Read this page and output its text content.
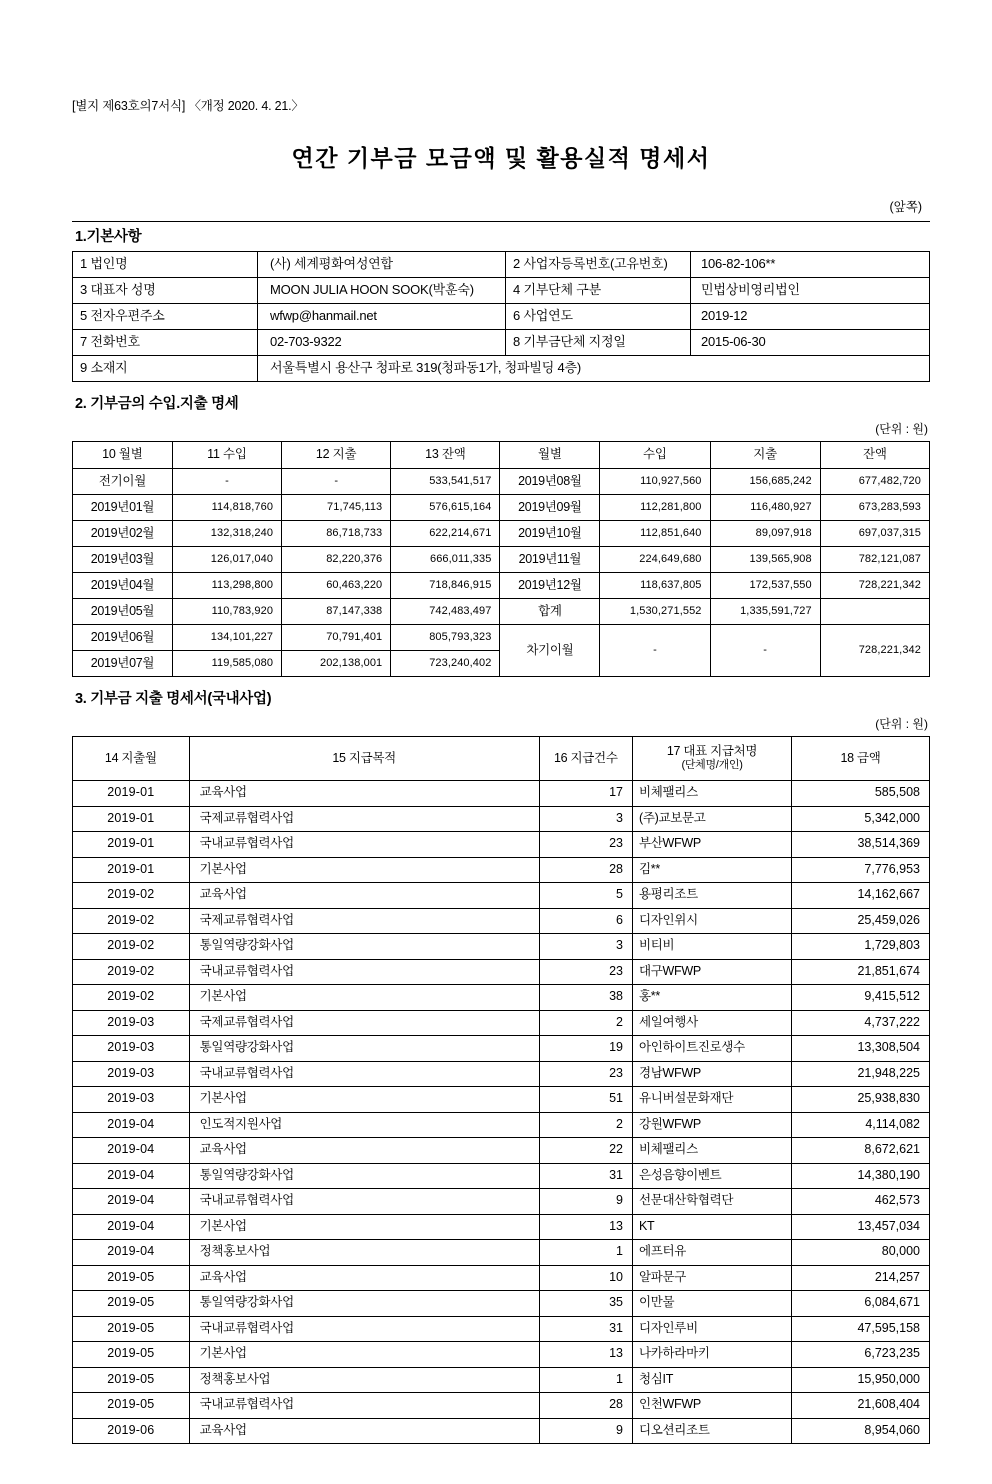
[별지 제63호의7서식] 〈개정 2020. 4. 21.〉
연간 기부금 모금액 및 활용실적 명세서
(앞쪽)
1.기본사항
1 법인명	(사) 세계평화여성연합	2 사업자등록번호(고유번호)	106-82-106**
3 대표자 성명	MOON JULIA HOON SOOK(박훈숙)	4 기부단체 구분	민법상비영리법인
5 전자우편주소	wfwp@hanmail.net	6 사업연도	2019-12
7 전화번호	02-703-9322	8 기부금단체 지정일	2015-06-30
9 소재지	서울특별시 용산구 청파로 319(청파동1가, 청파빌딩 4층)		
2. 기부금의 수입.지출 명세
(단위 : 원)
10 월별	11 수입	12 지출	13 잔액	월별	수입	지출	잔액
전기이월	-	-	533,541,517	2019년08월	110,927,560	156,685,242	677,482,720
2019년01월	114,818,760	71,745,113	576,615,164	2019년09월	112,281,800	116,480,927	673,283,593
2019년02월	132,318,240	86,718,733	622,214,671	2019년10월	112,851,640	89,097,918	697,037,315
2019년03월	126,017,040	82,220,376	666,011,335	2019년11월	224,649,680	139,565,908	782,121,087
2019년04월	113,298,800	60,463,220	718,846,915	2019년12월	118,637,805	172,537,550	728,221,342
2019년05월	110,783,920	87,147,338	742,483,497	합계	1,530,271,552	1,335,591,727	
2019년06월	134,101,227	70,791,401	805,793,323	차기이월	-	-	728,221,342
2019년07월	119,585,080	202,138,001	723,240,402				
3. 기부금 지출 명세서(국내사업)
(단위 : 원)
14 지출월	15 지급목적	16 지급건수	17 대표 지급처명
(단체명/개인)	18 금액
2019-01	교육사업	17	비체팰리스	585,508
2019-01	국제교류협력사업	3	(주)교보문고	5,342,000
2019-01	국내교류협력사업	23	부산WFWP	38,514,369
2019-01	기본사업	28	김**	7,776,953
2019-02	교육사업	5	용평리조트	14,162,667
2019-02	국제교류협력사업	6	디자인위시	25,459,026
2019-02	통일역량강화사업	3	비티비	1,729,803
2019-02	국내교류협력사업	23	대구WFWP	21,851,674
2019-02	기본사업	38	홍**	9,415,512
2019-03	국제교류협력사업	2	세일여행사	4,737,222
2019-03	통일역량강화사업	19	아인하이트진로생수	13,308,504
2019-03	국내교류협력사업	23	경남WFWP	21,948,225
2019-03	기본사업	51	유니버설문화재단	25,938,830
2019-04	인도적지원사업	2	강원WFWP	4,114,082
2019-04	교육사업	22	비체팰리스	8,672,621
2019-04	통일역량강화사업	31	은성음향이벤트	14,380,190
2019-04	국내교류협력사업	9	선문대산학협력단	462,573
2019-04	기본사업	13	KT	13,457,034
2019-04	정책홍보사업	1	에프터유	80,000
2019-05	교육사업	10	알파문구	214,257
2019-05	통일역량강화사업	35	이만물	6,084,671
2019-05	국내교류협력사업	31	디자인루비	47,595,158
2019-05	기본사업	13	나카하라마키	6,723,235
2019-05	정책홍보사업	1	청심IT	15,950,000
2019-05	국내교류협력사업	28	인천WFWP	21,608,404
2019-06	교육사업	9	디오션리조트	8,954,060
